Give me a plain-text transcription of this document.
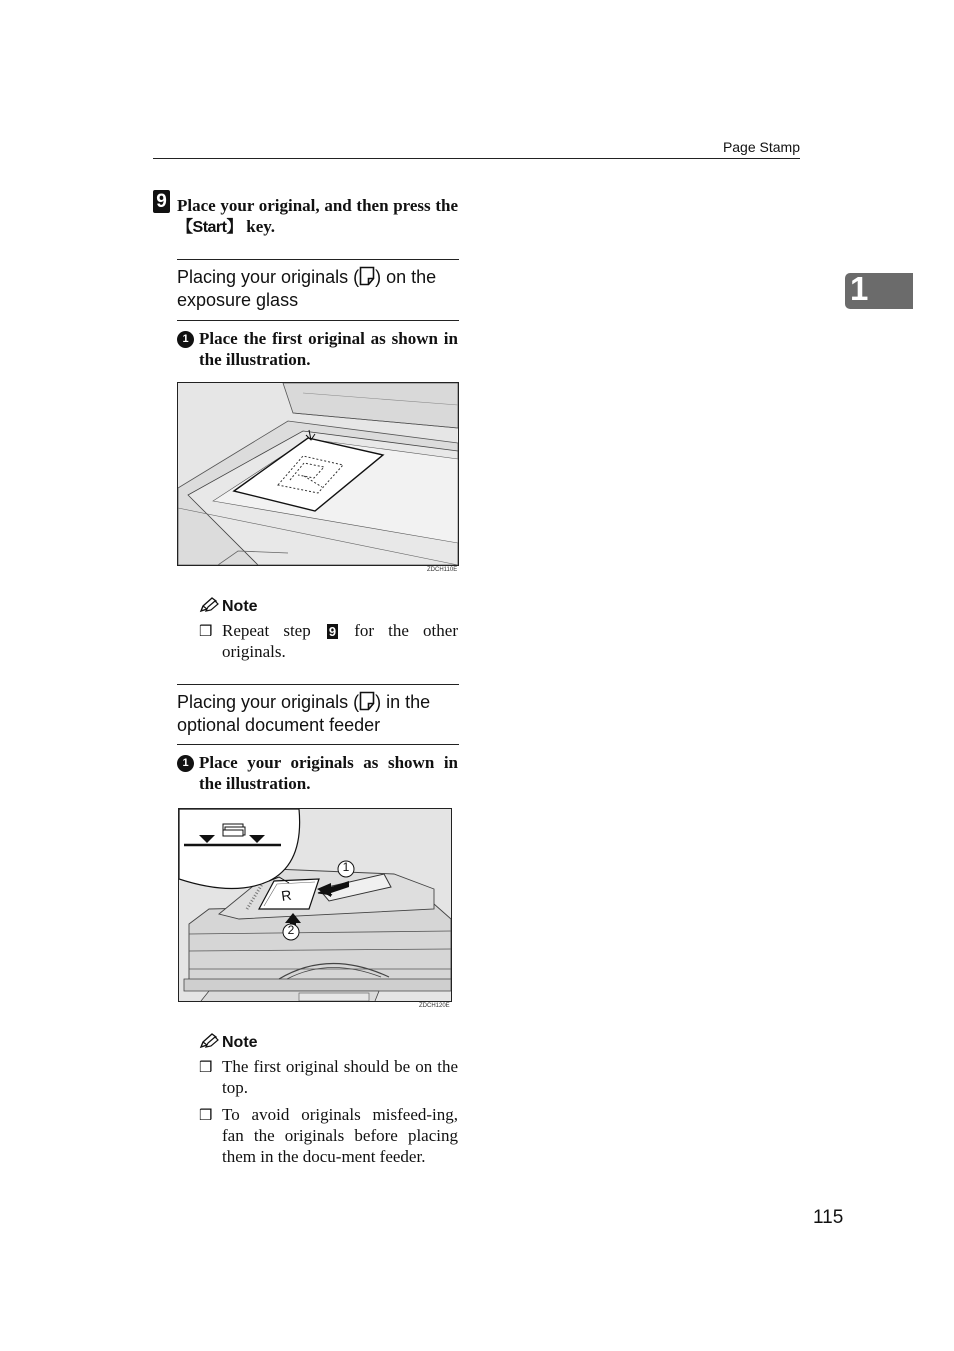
Page Stamp
1
9 Place your original, and then press the 【Start】 key.
Placing your originals ( ) on the exposure glass
1 Place the first original as shown in the illustration.
ZDCH110E
Note
❒ Repeat step 9 for the other originals.
Placing your originals ( ) in the optional document feeder
1 Place your originals as shown in the illustration.
R
1
2
ZDCH120E
Note
❒ The first original should be on the top.
❒ To avoid originals misfeed-ing, fan the originals before placing them in the docu-ment feeder.
115
